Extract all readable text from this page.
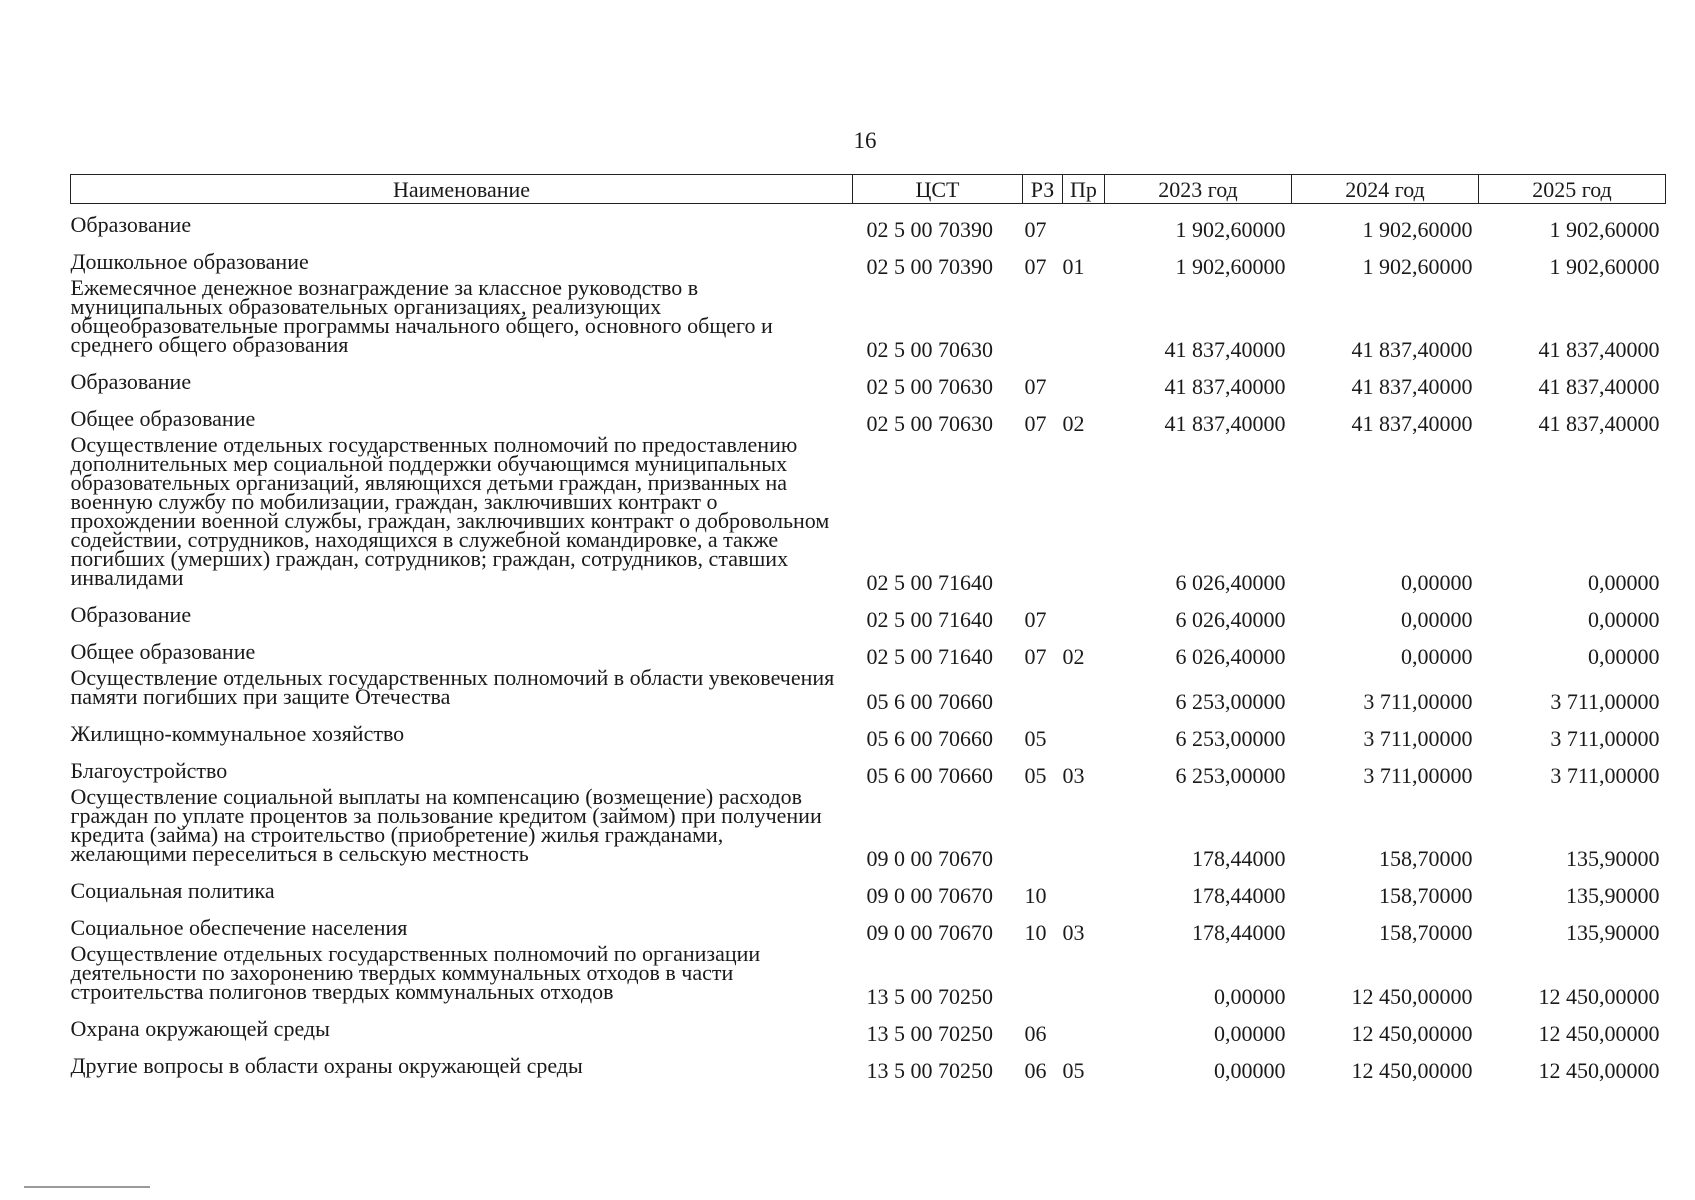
16
Наименование	ЦСТ	РЗ	Пр	2023 год	2024 год	2025 год
Образование	02 5 00 70390	07		1 902,60000	1 902,60000	1 902,60000
Дошкольное образование	02 5 00 70390	07	01	1 902,60000	1 902,60000	1 902,60000
Ежемесячное денежное вознаграждение за классное руководство в муниципальных образовательных организациях, реализующих общеобразовательные программы начального общего, основного общего и среднего общего образования	02 5 00 70630			41 837,40000	41 837,40000	41 837,40000
Образование	02 5 00 70630	07		41 837,40000	41 837,40000	41 837,40000
Общее образование	02 5 00 70630	07	02	41 837,40000	41 837,40000	41 837,40000
Осуществление отдельных государственных полномочий по предоставлению дополнительных мер социальной поддержки обучающимся муниципальных образовательных организаций, являющихся детьми граждан, призванных на военную службу по мобилизации, граждан, заключивших контракт о прохождении военной службы, граждан, заключивших контракт о добровольном содействии, сотрудников, находящихся в служебной командировке, а также погибших (умерших) граждан, сотрудников; граждан, сотрудников, ставших инвалидами	02 5 00 71640			6 026,40000	0,00000	0,00000
Образование	02 5 00 71640	07		6 026,40000	0,00000	0,00000
Общее образование	02 5 00 71640	07	02	6 026,40000	0,00000	0,00000
Осуществление отдельных государственных полномочий в области увековечения памяти погибших при защите Отечества	05 6 00 70660			6 253,00000	3 711,00000	3 711,00000
Жилищно-коммунальное хозяйство	05 6 00 70660	05		6 253,00000	3 711,00000	3 711,00000
Благоустройство	05 6 00 70660	05	03	6 253,00000	3 711,00000	3 711,00000
Осуществление социальной выплаты на компенсацию (возмещение) расходов граждан по уплате процентов за пользование кредитом (займом) при получении кредита (займа) на строительство (приобретение) жилья гражданами, желающими переселиться в сельскую местность	09 0 00 70670			178,44000	158,70000	135,90000
Социальная политика	09 0 00 70670	10		178,44000	158,70000	135,90000
Социальное обеспечение населения	09 0 00 70670	10	03	178,44000	158,70000	135,90000
Осуществление отдельных государственных полномочий по организации деятельности по захоронению твердых коммунальных отходов в части строительства полигонов твердых коммунальных отходов	13 5 00 70250			0,00000	12 450,00000	12 450,00000
Охрана окружающей среды	13 5 00 70250	06		0,00000	12 450,00000	12 450,00000
Другие вопросы в области охраны окружающей среды	13 5 00 70250	06	05	0,00000	12 450,00000	12 450,00000
